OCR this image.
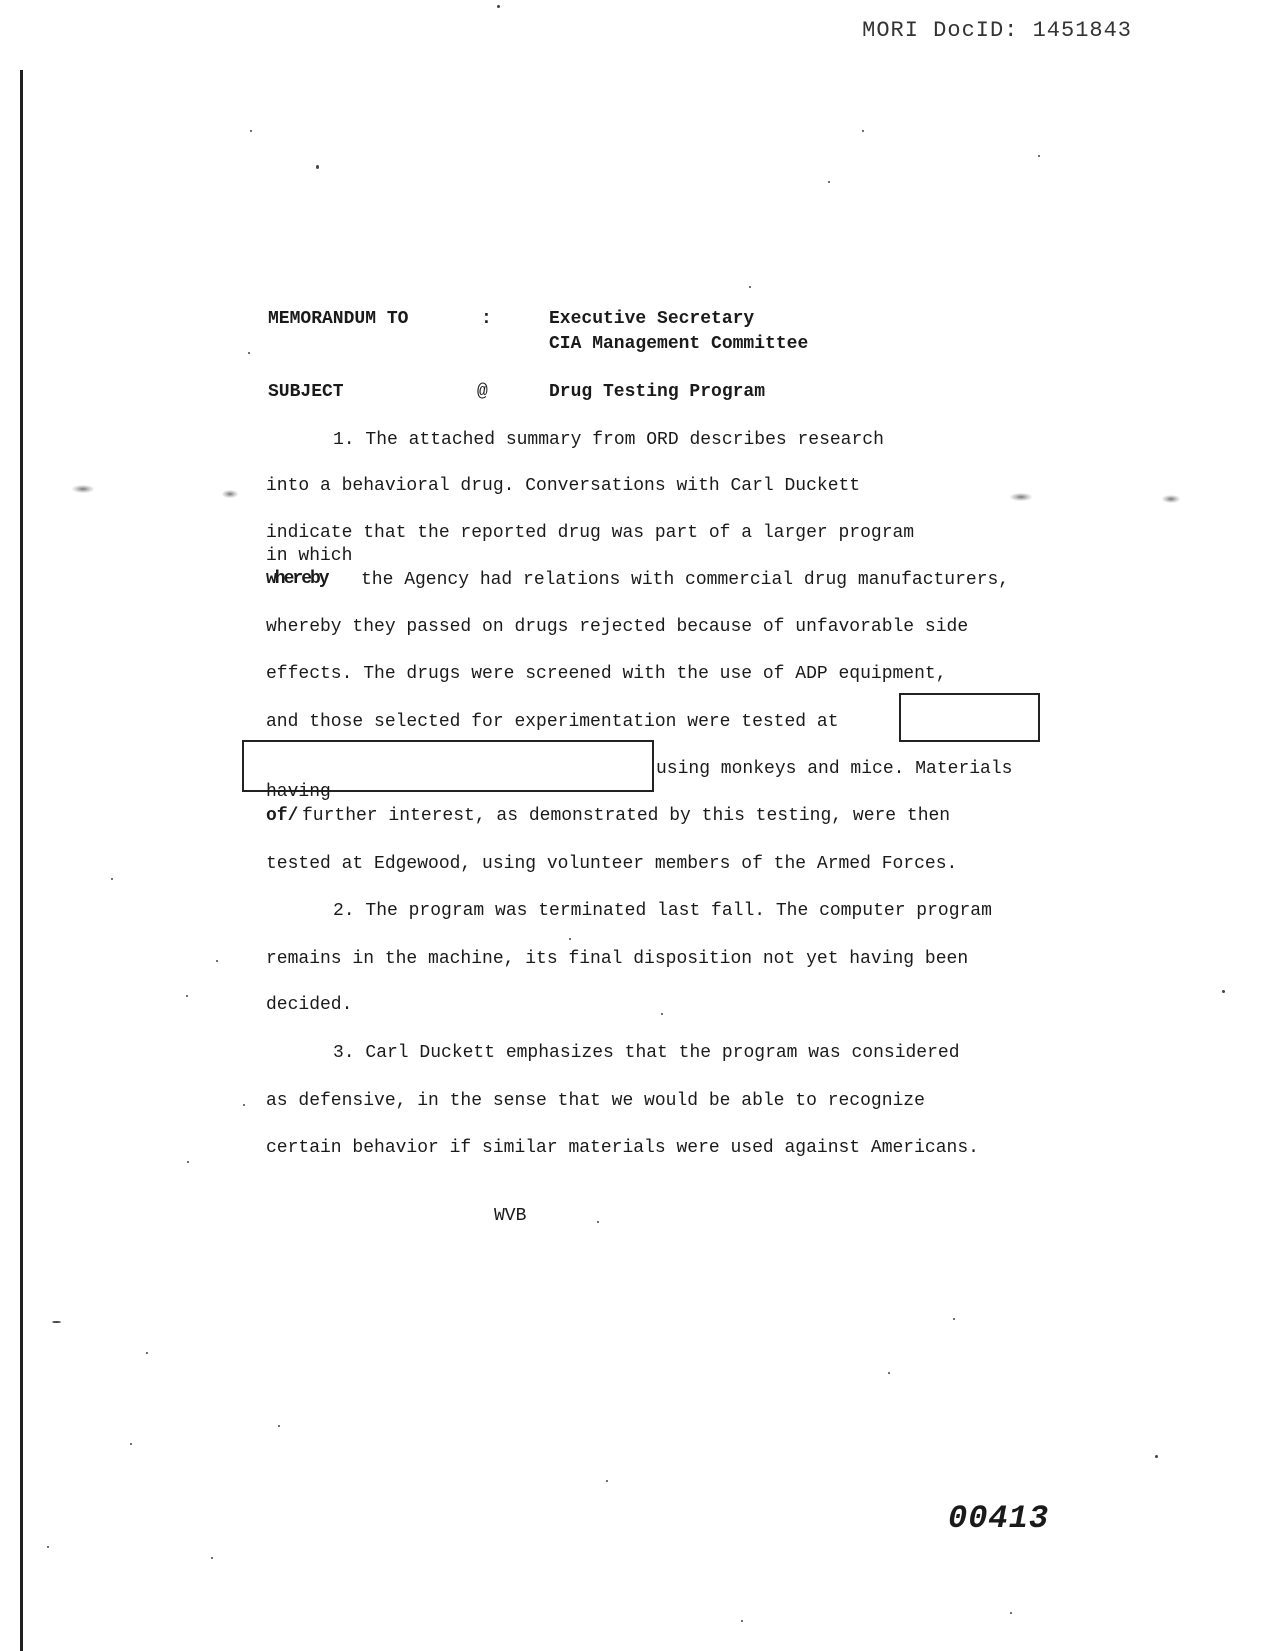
MORI DocID: 1451843
MEMORANDUM TO	:	Executive Secretary
CIA Management Committee
SUBJECT	@	Drug Testing Program
1. The attached summary from ORD describes research
into a behavioral drug. Conversations with Carl Duckett
indicate that the reported drug was part of a larger program
in which
whereby the Agency had relations with commercial drug manufacturers,
whereby they passed on drugs rejected because of unfavorable side
effects. The drugs were screened with the use of ADP equipment,
and those selected for experimentation were tested at
using monkeys and mice. Materials
having
of/ further interest, as demonstrated by this testing, were then
tested at Edgewood, using volunteer members of the Armed Forces.
2. The program was terminated last fall. The computer program
remains in the machine, its final disposition not yet having been
decided.
3. Carl Duckett emphasizes that the program was considered
as defensive, in the sense that we would be able to recognize
certain behavior if similar materials were used against Americans.
WVB
00413
